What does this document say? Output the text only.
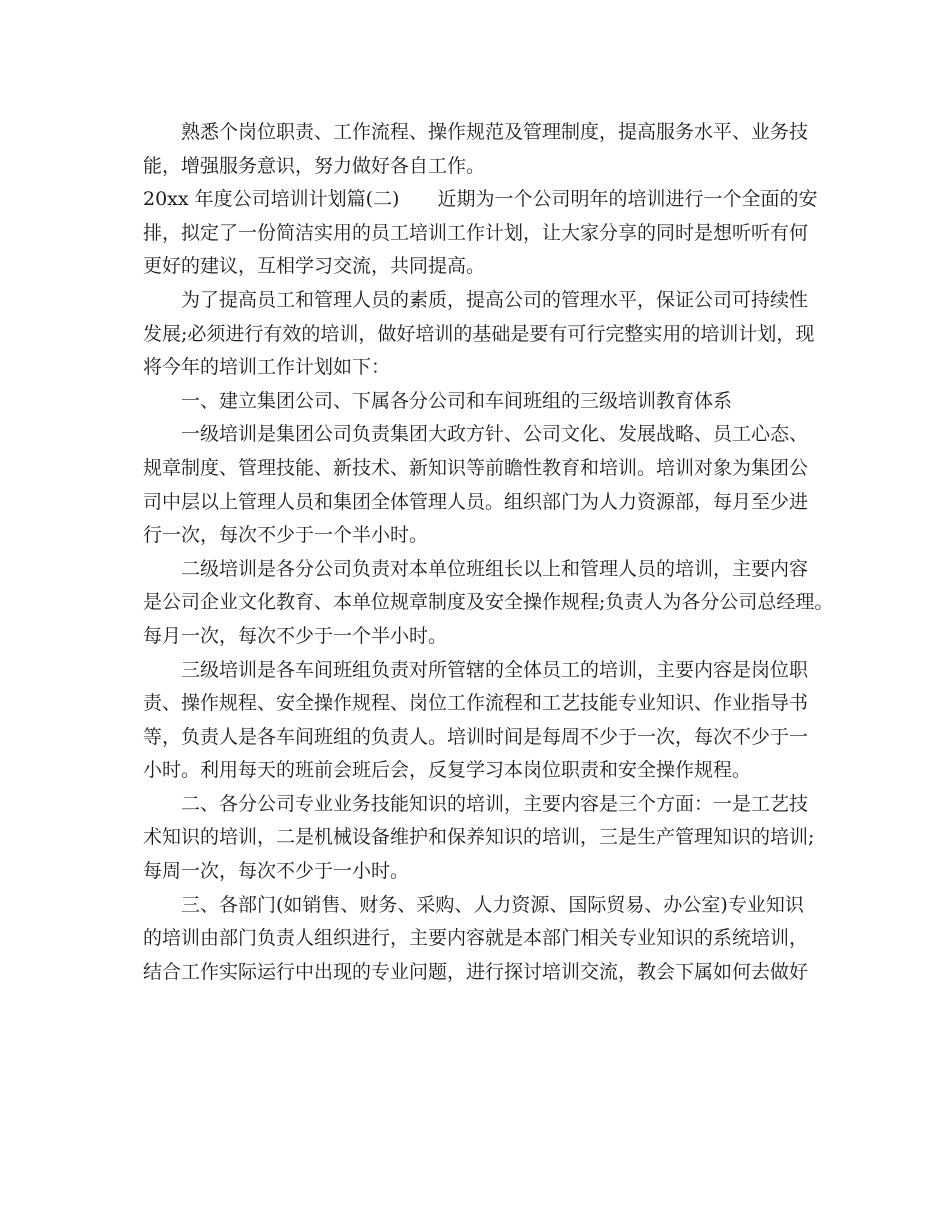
熟悉个岗位职责、工作流程、操作规范及管理制度，提高服务水平、业务技
能，增强服务意识，努力做好各自工作。
20xx 年度公司培训计划篇(二) 近期为一个公司明年的培训进行一个全面的安
排，拟定了一份简洁实用的员工培训工作计划，让大家分享的同时是想听听有何
更好的建议，互相学习交流，共同提高。
为了提高员工和管理人员的素质，提高公司的管理水平，保证公司可持续性
发展;必须进行有效的培训，做好培训的基础是要有可行完整实用的培训计划，现
将今年的培训工作计划如下：
一、建立集团公司、下属各分公司和车间班组的三级培训教育体系
一级培训是集团公司负责集团大政方针、公司文化、发展战略、员工心态、
规章制度、管理技能、新技术、新知识等前瞻性教育和培训。培训对象为集团公
司中层以上管理人员和集团全体管理人员。组织部门为人力资源部，每月至少进
行一次，每次不少于一个半小时。
二级培训是各分公司负责对本单位班组长以上和管理人员的培训，主要内容
是公司企业文化教育、本单位规章制度及安全操作规程;负责人为各分公司总经理。
每月一次，每次不少于一个半小时。
三级培训是各车间班组负责对所管辖的全体员工的培训，主要内容是岗位职
责、操作规程、安全操作规程、岗位工作流程和工艺技能专业知识、作业指导书
等，负责人是各车间班组的负责人。培训时间是每周不少于一次，每次不少于一
小时。利用每天的班前会班后会，反复学习本岗位职责和安全操作规程。
二、各分公司专业业务技能知识的培训，主要内容是三个方面：一是工艺技
术知识的培训，二是机械设备维护和保养知识的培训，三是生产管理知识的培训;
每周一次，每次不少于一小时。
三、各部门(如销售、财务、采购、人力资源、国际贸易、办公室)专业知识
的培训由部门负责人组织进行，主要内容就是本部门相关专业知识的系统培训，
结合工作实际运行中出现的专业问题，进行探讨培训交流，教会下属如何去做好
